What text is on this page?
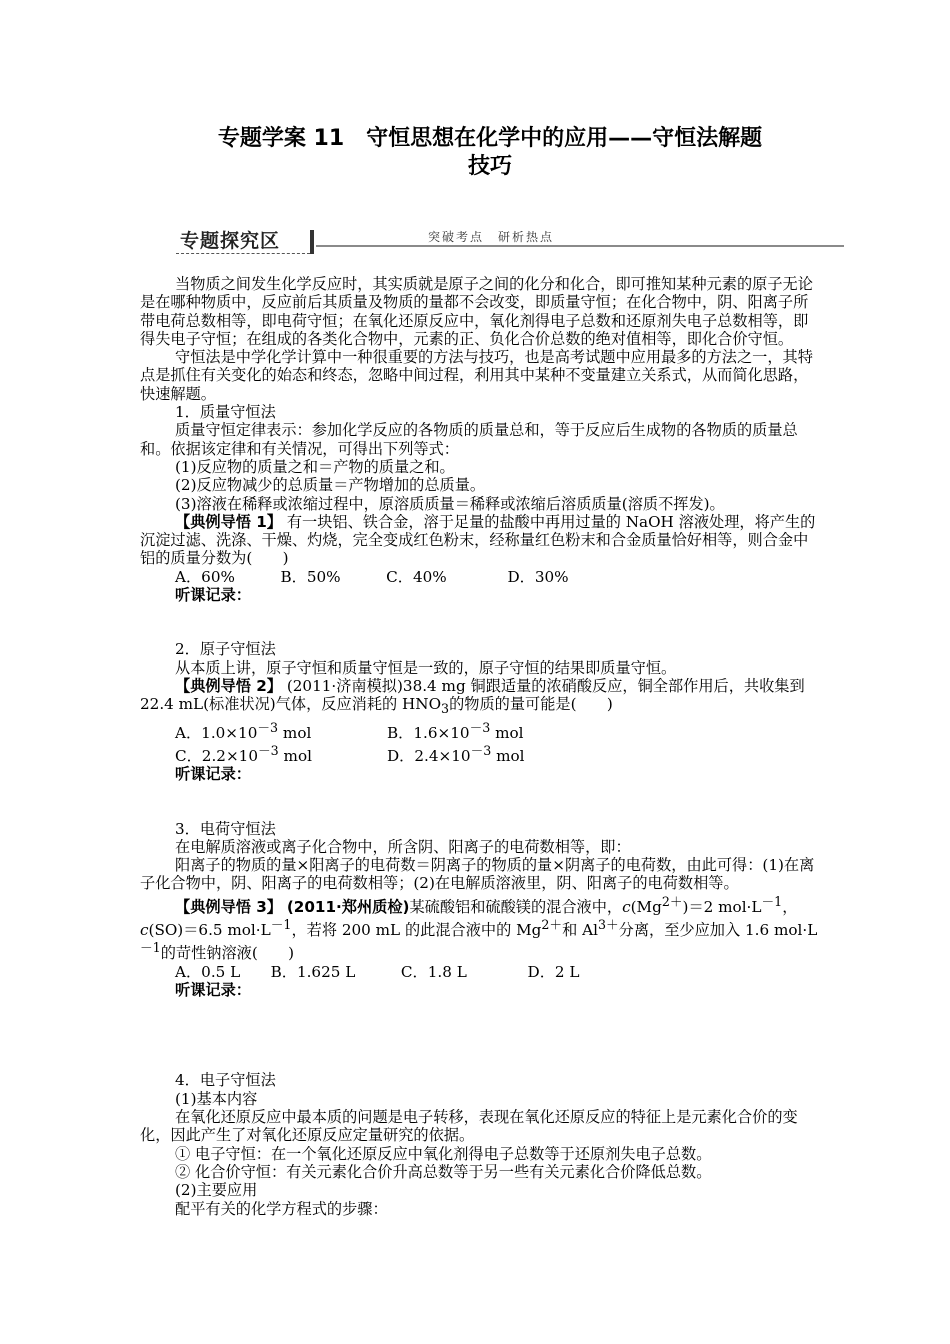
专题学案 11　守恒思想在化学中的应用——守恒法解题
技巧
专题探究区	突破考点　研析热点

当物质之间发生化学反应时，其实质就是原子之间的化分和化合，即可推知某种元素的原子无论是在哪种物质中，反应前后其质量及物质的量都不会改变，即质量守恒；在化合物中，阴、阳离子所带电荷总数相等，即电荷守恒；在氧化还原反应中，氧化剂得电子总数和还原剂失电子总数相等，即得失电子守恒；在组成的各类化合物中，元素的正、负化合价总数的绝对值相等，即化合价守恒。

守恒法是中学化学计算中一种很重要的方法与技巧，也是高考试题中应用最多的方法之一，其特点是抓住有关变化的始态和终态，忽略中间过程，利用其中某种不变量建立关系式，从而简化思路，快速解题。

1．质量守恒法

质量守恒定律表示：参加化学反应的各物质的质量总和，等于反应后生成物的各物质的质量总和。依据该定律和有关情况，可得出下列等式：

(1)反应物的质量之和＝产物的质量之和。

(2)反应物减少的总质量＝产物增加的总质量。

(3)溶液在稀释或浓缩过程中，原溶质质量＝稀释或浓缩后溶质质量(溶质不挥发)。

【典例导悟 1】 有一块铝、铁合金，溶于足量的盐酸中再用过量的 NaOH 溶液处理，将产生的沉淀过滤、洗涤、干燥、灼烧，完全变成红色粉末，经称量红色粉末和合金质量恰好相等，则合金中铝的质量分数为(　　)

A．60%　　　B．50%　　　C．40%　　　　D．30%

听课记录：

2．原子守恒法

从本质上讲，原子守恒和质量守恒是一致的，原子守恒的结果即质量守恒。

【典例导悟 2】 (2011·济南模拟)38.4 mg 铜跟适量的浓硝酸反应，铜全部作用后，共收集到 22.4 mL(标准状况)气体，反应消耗的 $HNO_3$的物质的量可能是(　　)

A．$1.0\times 10^{-3}$ mol	B．$1.6\times 10^{-3}$ mol

C．$2.2\times 10^{-3}$ mol	D．$2.4\times 10^{-3}$ mol

听课记录：

3．电荷守恒法

在电解质溶液或离子化合物中，所含阴、阳离子的电荷数相等，即：

阳离子的物质的量×阳离子的电荷数＝阴离子的物质的量×阴离子的电荷数，由此可得：(1)在离子化合物中，阴、阳离子的电荷数相等；(2)在电解质溶液里，阴、阳离子的电荷数相等。

【典例导悟 3】 (2011·郑州质检)某硫酸铝和硫酸镁的混合液中，$c(Mg^{2+})=2$ $mol\cdot L^{-1}$，c(SO)＝6.5 $mol\cdot L^{-1}$，若将 200 mL 的此混合液中的 $Mg^{2+}$和 $Al^{3+}$分离，至少应加入 1.6 $mol\cdot L^{-1}$的苛性钠溶液(　　)

A．0.5 L　　B．1.625 L　　　C．1.8 L　　　　D．2 L

听课记录：

4．电子守恒法

(1)基本内容

在氧化还原反应中最本质的问题是电子转移，表现在氧化还原反应的特征上是元素化合价的变化，因此产生了对氧化还原反应定量研究的依据。

① 电子守恒：在一个氧化还原反应中氧化剂得电子总数等于还原剂失电子总数。

② 化合价守恒：有关元素化合价升高总数等于另一些有关元素化合价降低总数。

(2)主要应用

配平有关的化学方程式的步骤：
